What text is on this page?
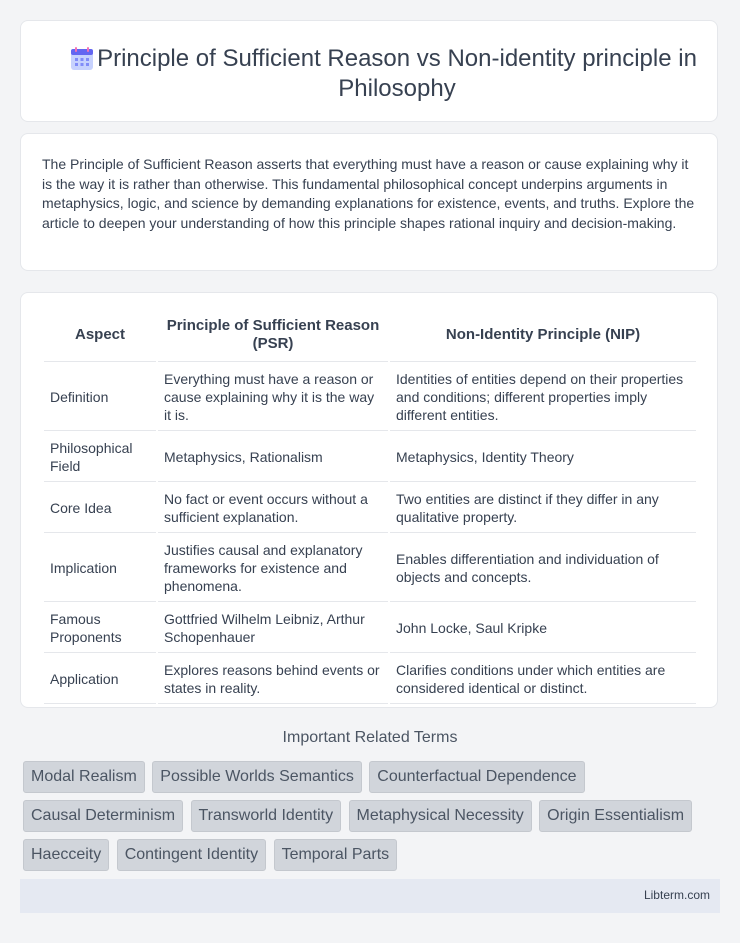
Principle of Sufficient Reason vs Non-identity principle in Philosophy

The Principle of Sufficient Reason asserts that everything must have a reason or cause explaining why it is the way it is rather than otherwise. This fundamental philosophical concept underpins arguments in metaphysics, logic, and science by demanding explanations for existence, events, and truths. Explore the article to deepen your understanding of how this principle shapes rational inquiry and decision-making.

Aspect	Principle of Sufficient Reason (PSR)	Non-Identity Principle (NIP)
Definition	Everything must have a reason or cause explaining why it is the way it is.	Identities of entities depend on their properties and conditions; different properties imply different entities.
Philosophical Field	Metaphysics, Rationalism	Metaphysics, Identity Theory
Core Idea	No fact or event occurs without a sufficient explanation.	Two entities are distinct if they differ in any qualitative property.
Implication	Justifies causal and explanatory frameworks for existence and phenomena.	Enables differentiation and individuation of objects and concepts.
Famous Proponents	Gottfried Wilhelm Leibniz, Arthur Schopenhauer	John Locke, Saul Kripke
Application	Explores reasons behind events or states in reality.	Clarifies conditions under which entities are considered identical or distinct.
Important Related Terms
Modal Realism Possible Worlds Semantics Counterfactual Dependence
Causal Determinism Transworld Identity Metaphysical Necessity Origin Essentialism
Haecceity Contingent Identity Temporal Parts
Libterm.com
